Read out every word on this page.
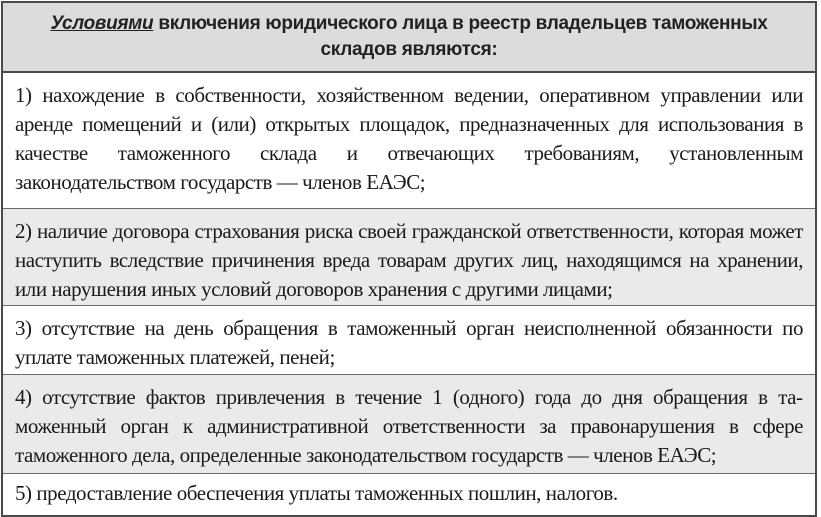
Условиями включения юридического лица в реестр владельцев таможенных складов являются:
1) нахождение в собственности, хозяйственном ведении, оперативном управлении или аренде помещений и (или) открытых площадок, предназначенных для использования в качестве таможенного склада и отвечающих требованиям, установленным законодательством государств — членов ЕАЭС;
2) наличие договора страхования риска своей гражданской ответственности, которая может наступить вследствие причинения вреда товарам других лиц, находящимся на хранении, или нарушения иных условий договоров хранения с другими лицами;
3) отсутствие на день обращения в таможенный орган неисполненной обязанности по уплате таможенных платежей, пеней;
4) отсутствие фактов привлечения в течение 1 (одного) года до дня обращения в таможенный орган к административной ответственности за правонарушения в сфере таможенного дела, определенные законодательством государств — членов ЕАЭС;
5) предоставление обеспечения уплаты таможенных пошлин, налогов.
